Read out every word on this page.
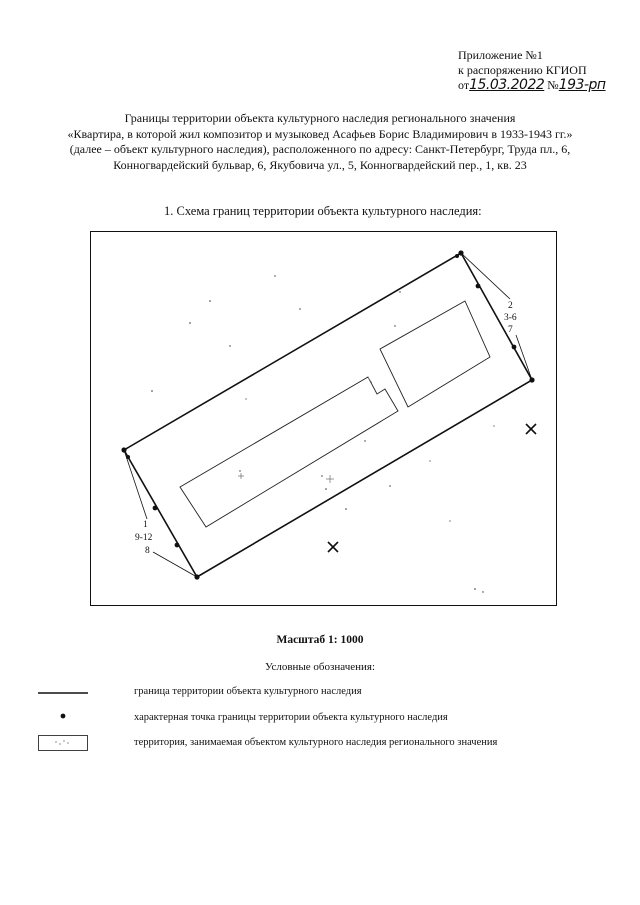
Приложение №1
к распоряжению КГИОП
от15.03.2022 №193-рп
Границы территории объекта культурного наследия регионального значения
«Квартира, в которой жил композитор и музыковед Асафьев Борис Владимирович в 1933-1943 гг.»
(далее – объект культурного наследия), расположенного по адресу: Санкт-Петербург, Труда пл., 6,
Конногвардейский бульвар, 6, Якубовича ул., 5, Конногвардейский пер., 1, кв. 23
1. Схема границ территории объекта культурного наследия:
2
3-6
7
1
9-12
8
Масштаб 1: 1000
Условные обозначения:
граница территории объекта культурного наследия
характерная точка границы территории объекта культурного наследия
территория, занимаемая объектом культурного наследия регионального значения
